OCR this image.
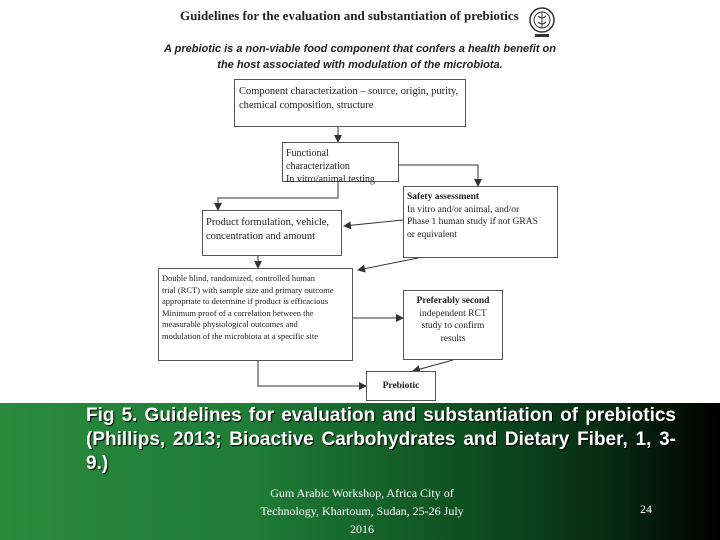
Guidelines for the evaluation and substantiation of prebiotics
A prebiotic is a non-viable food component that confers a health benefit on the host associated with modulation of the microbiota.
Component characterization – source, origin, purity,
chemical composition, structure
Functional characterization
In vitro/animal testing
Safety assessment
In vitro and/or animal, and/or
Phase 1 human study if not GRAS
or equivalent
Product formulation, vehicle,
concentration and amount
Double blind, randomized, controlled human
trial (RCT) with sample size and primary outcome
appropriate to determine if product is efficacious
Minimum proof of a correlation between the
measurable physiological outcomes and
modulation of the microbiota at a specific site
Preferably second
independent RCT
study to confirm
results
Prebiotic
Fig 5. Guidelines for evaluation and substantiation of prebiotics (Phillips, 2013; Bioactive Carbohydrates and Dietary Fiber, 1, 3-9.)
Gum Arabic Workshop, Africa City of Technology, Khartoum, Sudan, 25-26 July 2016
24
